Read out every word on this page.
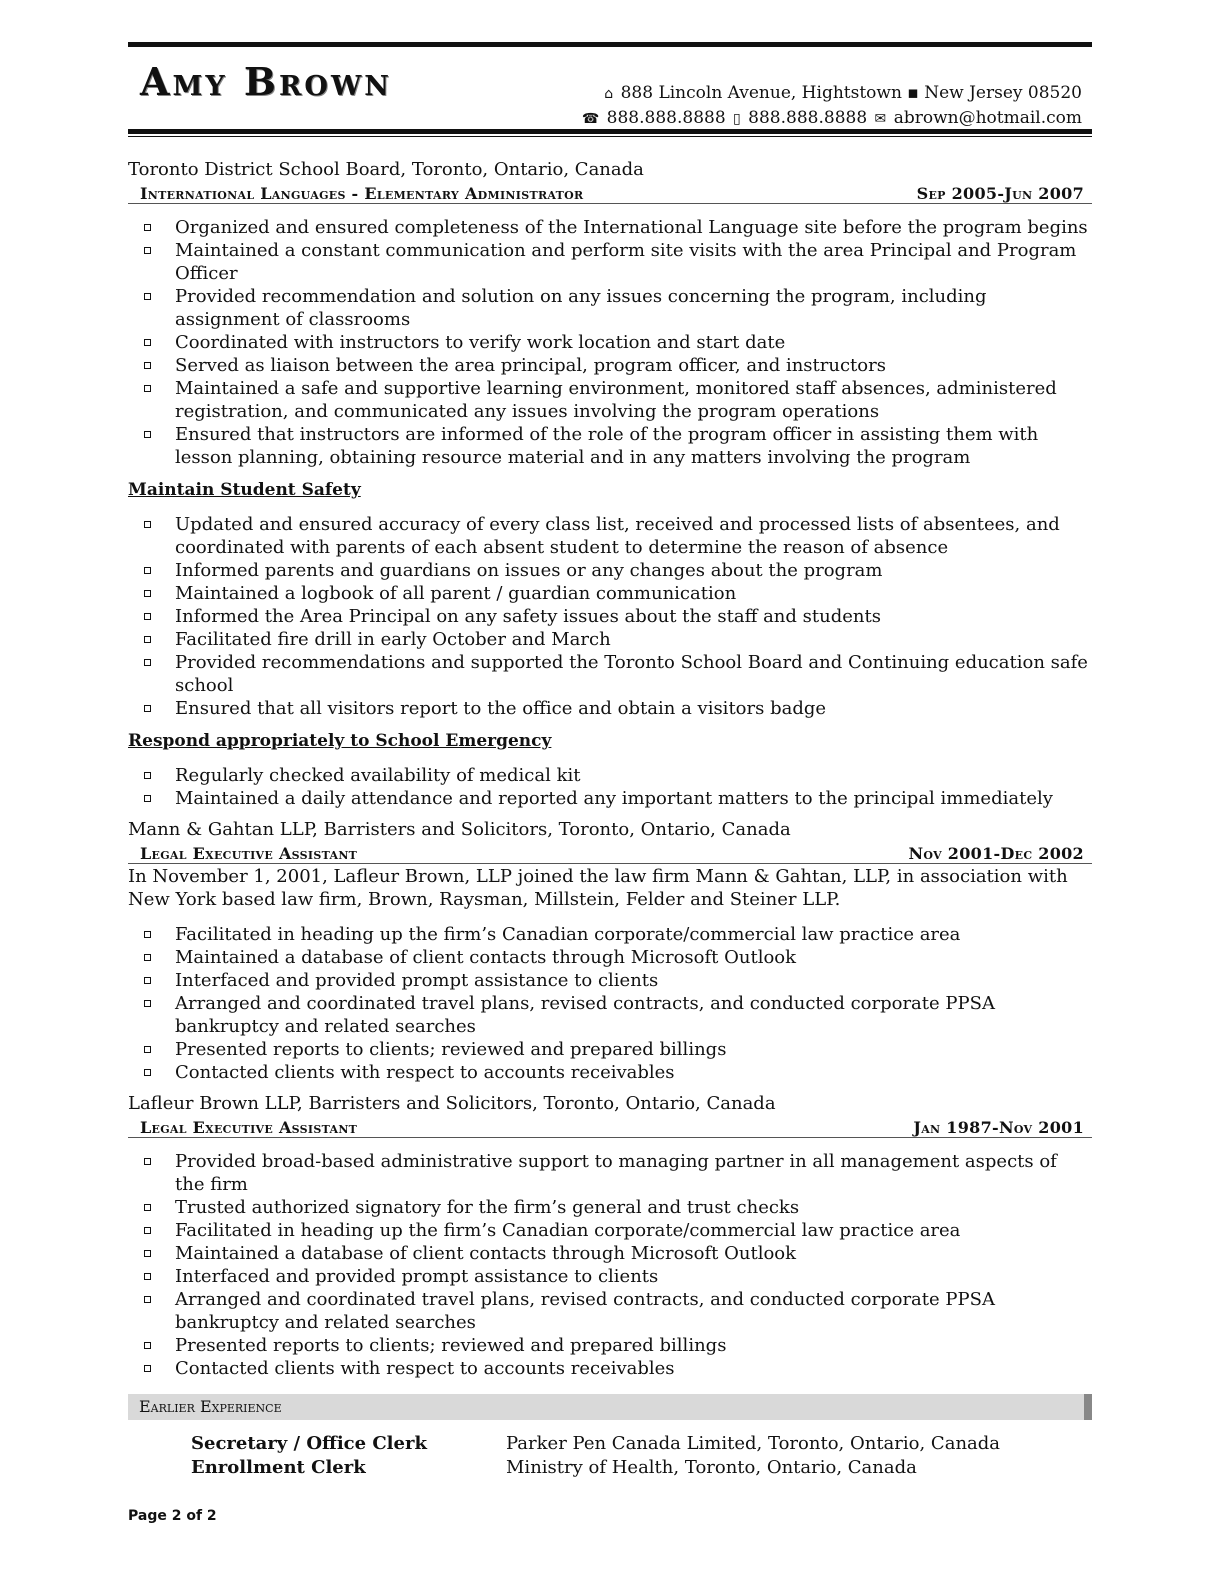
Amy Brown	⌂ 888 Lincoln Avenue, Hightstown ▪ New Jersey 08520
☎ 888.888.8888 ▯ 888.888.8888 ✉ abrown@hotmail.com
Toronto District School Board, Toronto, Ontario, Canada
International Languages - Elementary Administrator	Sep 2005-Jun 2007
Organized and ensured completeness of the International Language site before the program begins
Maintained a constant communication and perform site visits with the area Principal and Program Officer
Provided recommendation and solution on any issues concerning the program, including assignment of classrooms
Coordinated with instructors to verify work location and start date
Served as liaison between the area principal, program officer, and instructors
Maintained a safe and supportive learning environment, monitored staff absences, administered registration, and communicated any issues involving the program operations
Ensured that instructors are informed of the role of the program officer in assisting them with lesson planning, obtaining resource material and in any matters involving the program
Maintain Student Safety
Updated and ensured accuracy of every class list, received and processed lists of absentees, and coordinated with parents of each absent student to determine the reason of absence
Informed parents and guardians on issues or any changes about the program
Maintained a logbook of all parent / guardian communication
Informed the Area Principal on any safety issues about the staff and students
Facilitated fire drill in early October and March
Provided recommendations and supported the Toronto School Board and Continuing education safe school
Ensured that all visitors report to the office and obtain a visitors badge
Respond appropriately to School Emergency
Regularly checked availability of medical kit
Maintained a daily attendance and reported any important matters to the principal immediately
Mann & Gahtan LLP, Barristers and Solicitors, Toronto, Ontario, Canada
Legal Executive Assistant	Nov 2001-Dec 2002
In November 1, 2001, Lafleur Brown, LLP joined the law firm Mann & Gahtan, LLP, in association with New York based law firm, Brown, Raysman, Millstein, Felder and Steiner LLP.
Facilitated in heading up the firm’s Canadian corporate/commercial law practice area
Maintained a database of client contacts through Microsoft Outlook
Interfaced and provided prompt assistance to clients
Arranged and coordinated travel plans, revised contracts, and conducted corporate PPSA bankruptcy and related searches
Presented reports to clients; reviewed and prepared billings
Contacted clients with respect to accounts receivables
Lafleur Brown LLP, Barristers and Solicitors, Toronto, Ontario, Canada
Legal Executive Assistant	Jan 1987-Nov 2001
Provided broad-based administrative support to managing partner in all management aspects of the firm
Trusted authorized signatory for the firm’s general and trust checks
Facilitated in heading up the firm’s Canadian corporate/commercial law practice area
Maintained a database of client contacts through Microsoft Outlook
Interfaced and provided prompt assistance to clients
Arranged and coordinated travel plans, revised contracts, and conducted corporate PPSA bankruptcy and related searches
Presented reports to clients; reviewed and prepared billings
Contacted clients with respect to accounts receivables
Earlier Experience
Secretary / Office Clerk	Parker Pen Canada Limited, Toronto, Ontario, Canada
Enrollment Clerk	Ministry of Health, Toronto, Ontario, Canada
Page 2 of 2
